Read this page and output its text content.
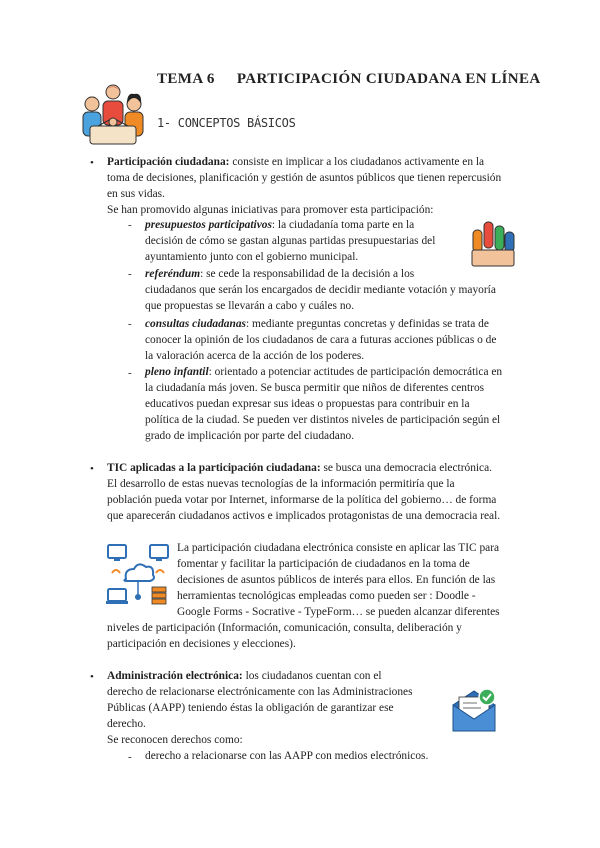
TEMA 6 PARTICIPACIÓN CIUDADANA EN LÍNEA
1- CONCEPTOS BÁSICOS
• Participación ciudadana: consiste en implicar a los ciudadanos activamente en la
toma de decisiones, planificación y gestión de asuntos públicos que tienen repercusión
en sus vidas.
Se han promovido algunas iniciativas para promover esta participación:
- presupuestos participativos: la ciudadanía toma parte en la
decisión de cómo se gastan algunas partidas presupuestarias del
ayuntamiento junto con el gobierno municipal.
- referéndum: se cede la responsabilidad de la decisión a los
ciudadanos que serán los encargados de decidir mediante votación y mayoría
que propuestas se llevarán a cabo y cuáles no.
- consultas ciudadanas: mediante preguntas concretas y definidas se trata de
conocer la opinión de los ciudadanos de cara a futuras acciones públicas o de
la valoración acerca de la acción de los poderes.
- pleno infantil: orientado a potenciar actitudes de participación democrática en
la ciudadanía más joven. Se busca permitir que niños de diferentes centros
educativos puedan expresar sus ideas o propuestas para contribuir en la
política de la ciudad. Se pueden ver distintos niveles de participación según el
grado de implicación por parte del ciudadano.
• TIC aplicadas a la participación ciudadana: se busca una democracia electrónica.
El desarrollo de estas nuevas tecnologías de la información permitiría que la
población pueda votar por Internet, informarse de la política del gobierno… de forma
que aparecerán ciudadanos activos e implicados protagonistas de una democracia real.
La participación ciudadana electrónica consiste en aplicar las TIC para
fomentar y facilitar la participación de ciudadanos en la toma de
decisiones de asuntos públicos de interés para ellos. En función de las
herramientas tecnológicas empleadas como pueden ser : Doodle -
Google Forms - Socrative - TypeForm… se pueden alcanzar diferentes
niveles de participación (Información, comunicación, consulta, deliberación y
participación en decisiones y elecciones).
• Administración electrónica: los ciudadanos cuentan con el
derecho de relacionarse electrónicamente con las Administraciones
Públicas (AAPP) teniendo éstas la obligación de garantizar ese
derecho.
Se reconocen derechos como:
- derecho a relacionarse con las AAPP con medios electrónicos.
